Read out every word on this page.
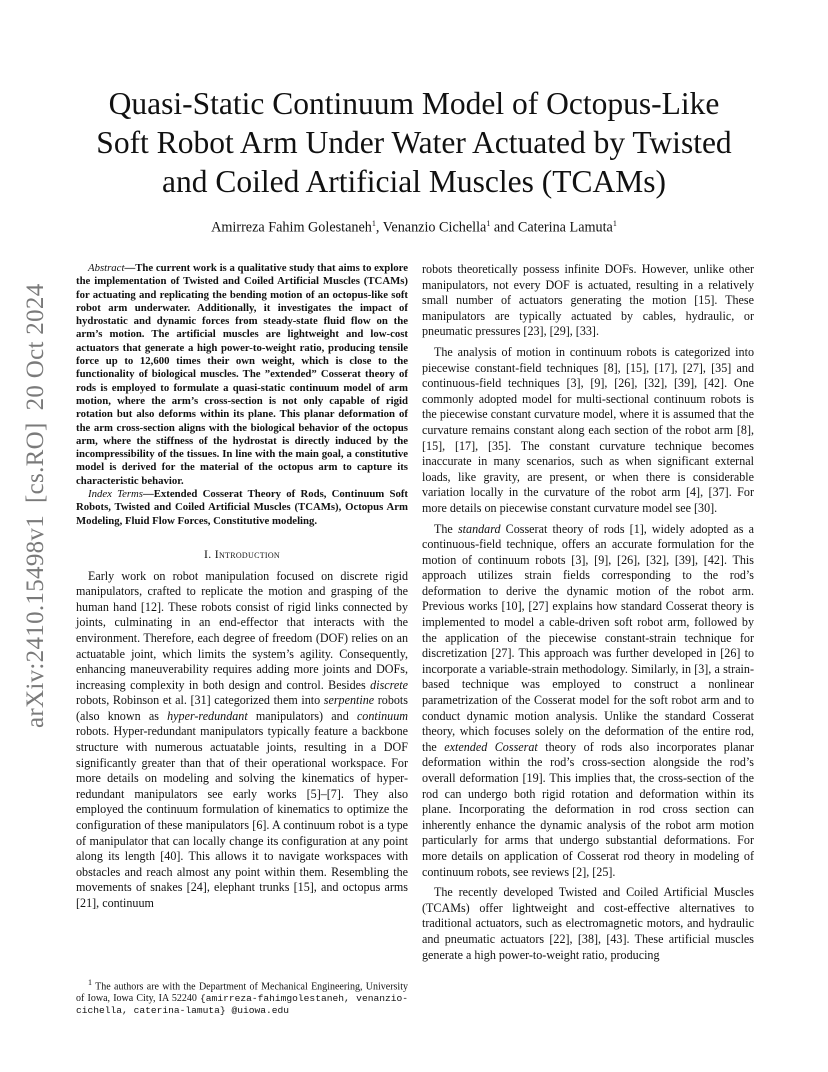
arXiv:2410.15498v1[cs.RO]20 Oct 2024
Quasi-Static Continuum Model of Octopus-Like
Soft Robot Arm Under Water Actuated by Twisted
and Coiled Artificial Muscles (TCAMs)
Amirreza Fahim Golestaneh$^1$, Venanzio Cichella$^1$ and Caterina Lamuta$^1$

Abstract—The current work is a qualitative study that aims to explore the implementation of Twisted and Coiled Artificial Muscles (TCAMs) for actuating and replicating the bending motion of an octopus-like soft robot arm underwater. Additionally, it investigates the impact of hydrostatic and dynamic forces from steady-state fluid flow on the arm’s motion. The artificial muscles are lightweight and low-cost actuators that generate a high power-to-weight ratio, producing tensile force up to 12,600 times their own weight, which is close to the functionality of biological muscles. The ”extended” Cosserat theory of rods is employed to formulate a quasi-static continuum model of arm motion, where the arm’s cross-section is not only capable of rigid rotation but also deforms within its plane. This planar deformation of the arm cross-section aligns with the biological behavior of the octopus arm, where the stiffness of the hydrostat is directly induced by the incompressibility of the tissues. In line with the main goal, a constitutive model is derived for the material of the octopus arm to capture its characteristic behavior.

Index Terms—Extended Cosserat Theory of Rods, Continuum Soft Robots, Twisted and Coiled Artificial Muscles (TCAMs), Octopus Arm Modeling, Fluid Flow Forces, Constitutive modeling.

I. Introduction

Early work on robot manipulation focused on discrete rigid manipulators, crafted to replicate the motion and grasping of the human hand [12]. These robots consist of rigid links connected by joints, culminating in an end-effector that interacts with the environment. Therefore, each degree of freedom (DOF) relies on an actuatable joint, which limits the system’s agility. Consequently, enhancing maneuverability requires adding more joints and DOFs, increasing complexity in both design and control. Besides discrete robots, Robinson et al. [31] categorized them into serpentine robots (also known as hyper-redundant manipulators) and continuum robots. Hyper-redundant manipulators typically feature a backbone structure with numerous actuatable joints, resulting in a DOF significantly greater than that of their operational workspace. For more details on modeling and solving the kinematics of hyper-redundant manipulators see early works [5]–[7]. They also employed the continuum formulation of kinematics to optimize the configuration of these manipulators [6]. A continuum robot is a type of manipulator that can locally change its configuration at any point along its length [40]. This allows it to navigate workspaces with obstacles and reach almost any point within them. Resembling the movements of snakes [24], elephant trunks [15], and octopus arms [21], continuum

$^1$ The authors are with the Department of Mechanical Engineering, University of Iowa, Iowa City, IA 52240 {amirreza-fahimgolestaneh, venanzio-cichella, caterina-lamuta} @uiowa.edu

robots theoretically possess infinite DOFs. However, unlike other manipulators, not every DOF is actuated, resulting in a relatively small number of actuators generating the motion [15]. These manipulators are typically actuated by cables, hydraulic, or pneumatic pressures [23], [29], [33].

The analysis of motion in continuum robots is categorized into piecewise constant-field techniques [8], [15], [17], [27], [35] and continuous-field techniques [3], [9], [26], [32], [39], [42]. One commonly adopted model for multi-sectional continuum robots is the piecewise constant curvature model, where it is assumed that the curvature remains constant along each section of the robot arm [8], [15], [17], [35]. The constant curvature technique becomes inaccurate in many scenarios, such as when significant external loads, like gravity, are present, or when there is considerable variation locally in the curvature of the robot arm [4], [37]. For more details on piecewise constant curvature model see [30].

The standard Cosserat theory of rods [1], widely adopted as a continuous-field technique, offers an accurate formulation for the motion of continuum robots [3], [9], [26], [32], [39], [42]. This approach utilizes strain fields corresponding to the rod’s deformation to derive the dynamic motion of the robot arm. Previous works [10], [27] explains how standard Cosserat theory is implemented to model a cable-driven soft robot arm, followed by the application of the piecewise constant-strain technique for discretization [27]. This approach was further developed in [26] to incorporate a variable-strain methodology. Similarly, in [3], a strain-based technique was employed to construct a nonlinear parametrization of the Cosserat model for the soft robot arm and to conduct dynamic motion analysis. Unlike the standard Cosserat theory, which focuses solely on the deformation of the entire rod, the extended Cosserat theory of rods also incorporates planar deformation within the rod’s cross-section alongside the rod’s overall deformation [19]. This implies that, the cross-section of the rod can undergo both rigid rotation and deformation within its plane. Incorporating the deformation in rod cross section can inherently enhance the dynamic analysis of the robot arm motion particularly for arms that undergo substantial deformations. For more details on application of Cosserat rod theory in modeling of continuum robots, see reviews [2], [25].

The recently developed Twisted and Coiled Artificial Muscles (TCAMs) offer lightweight and cost-effective alternatives to traditional actuators, such as electromagnetic motors, and hydraulic and pneumatic actuators [22], [38], [43]. These artificial muscles generate a high power-to-weight ratio, producing
